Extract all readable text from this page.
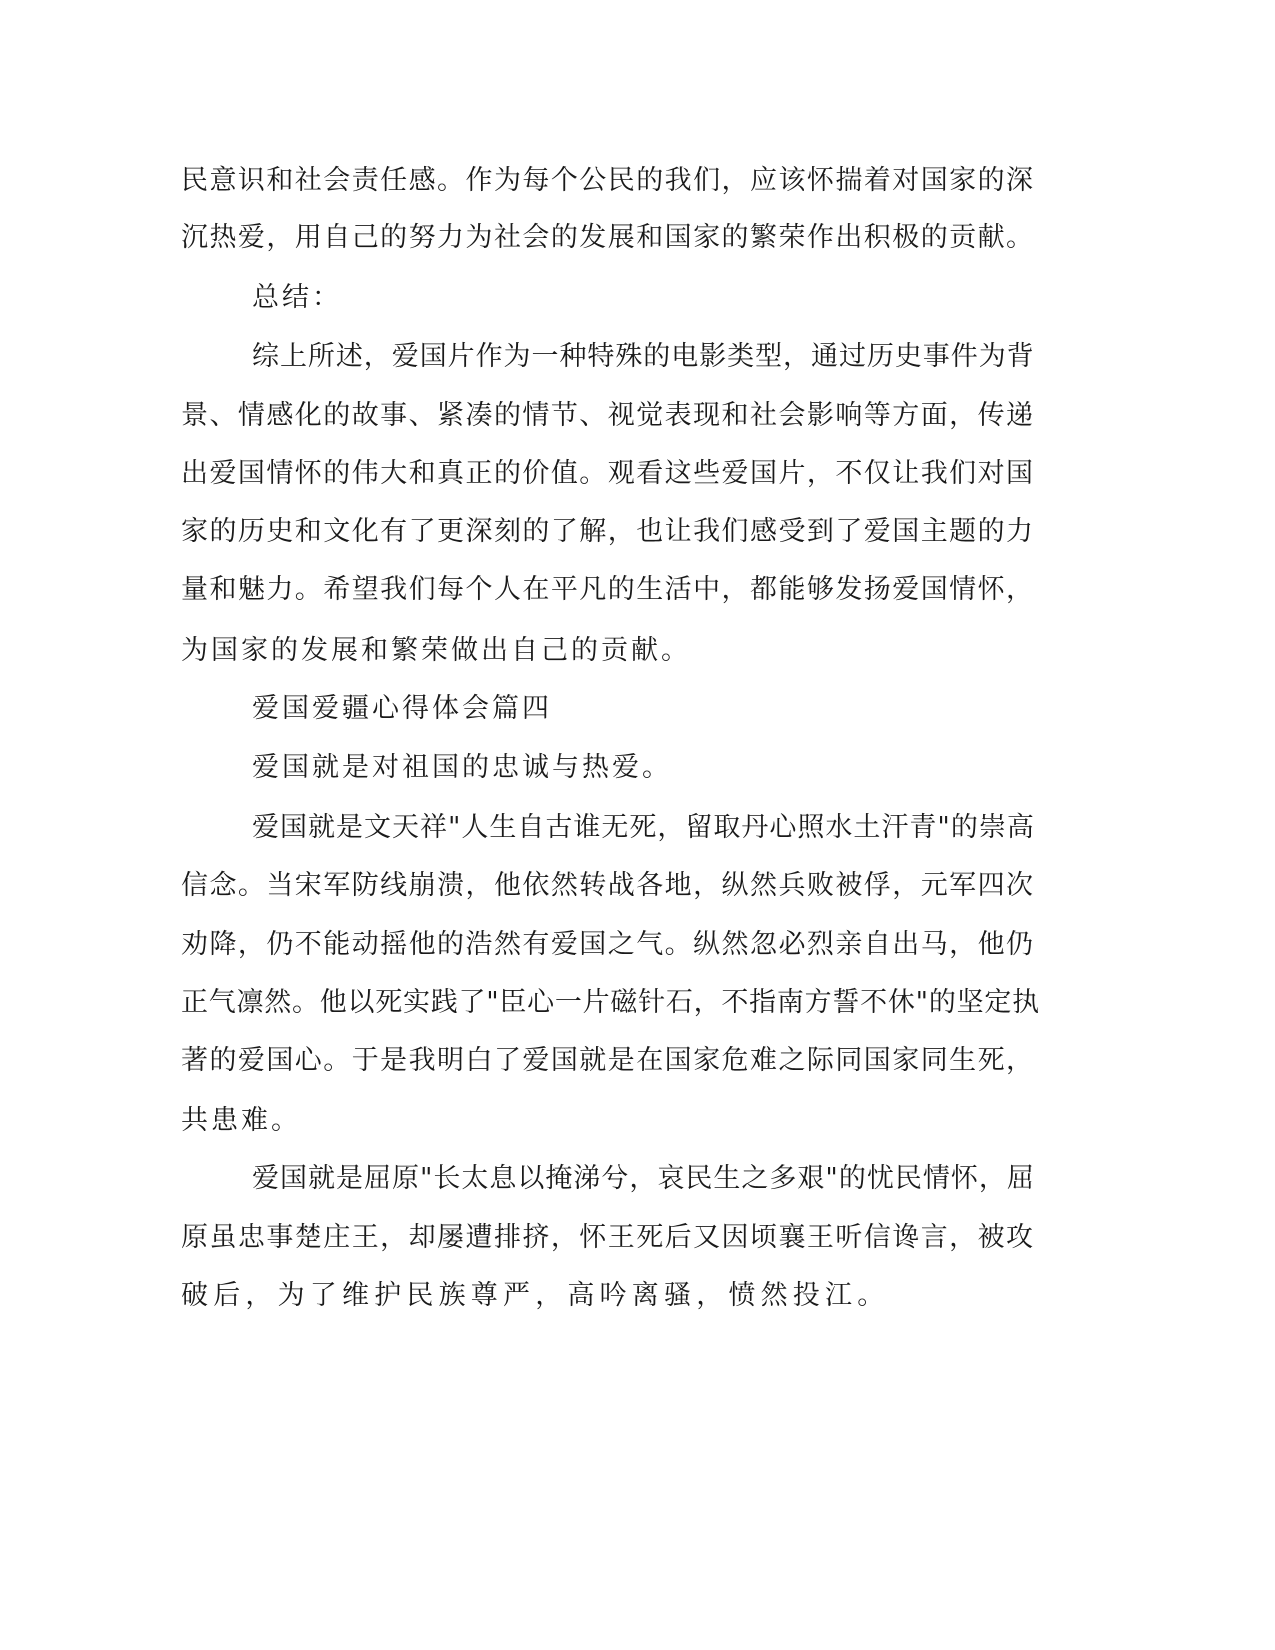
民意识和社会责任感。作为每个公民的我们，应该怀揣着对国家的深
沉热爱，用自己的努力为社会的发展和国家的繁荣作出积极的贡献。
总结：
综上所述，爱国片作为一种特殊的电影类型，通过历史事件为背
景、情感化的故事、紧凑的情节、视觉表现和社会影响等方面，传递
出爱国情怀的伟大和真正的价值。观看这些爱国片，不仅让我们对国
家的历史和文化有了更深刻的了解，也让我们感受到了爱国主题的力
量和魅力。希望我们每个人在平凡的生活中，都能够发扬爱国情怀，
为国家的发展和繁荣做出自己的贡献。
爱国爱疆心得体会篇四
爱国就是对祖国的忠诚与热爱。
爱国就是文天祥"人生自古谁无死，留取丹心照水土汗青"的崇高
信念。当宋军防线崩溃，他依然转战各地，纵然兵败被俘，元军四次
劝降，仍不能动摇他的浩然有爱国之气。纵然忽必烈亲自出马，他仍
正气凛然。他以死实践了"臣心一片磁针石，不指南方誓不休"的坚定执
著的爱国心。于是我明白了爱国就是在国家危难之际同国家同生死，
共患难。
爱国就是屈原"长太息以掩涕兮，哀民生之多艰"的忧民情怀，屈
原虽忠事楚庄王，却屡遭排挤，怀王死后又因顷襄王听信谗言，被攻
破后，为了维护民族尊严，高吟离骚，愤然投江。
